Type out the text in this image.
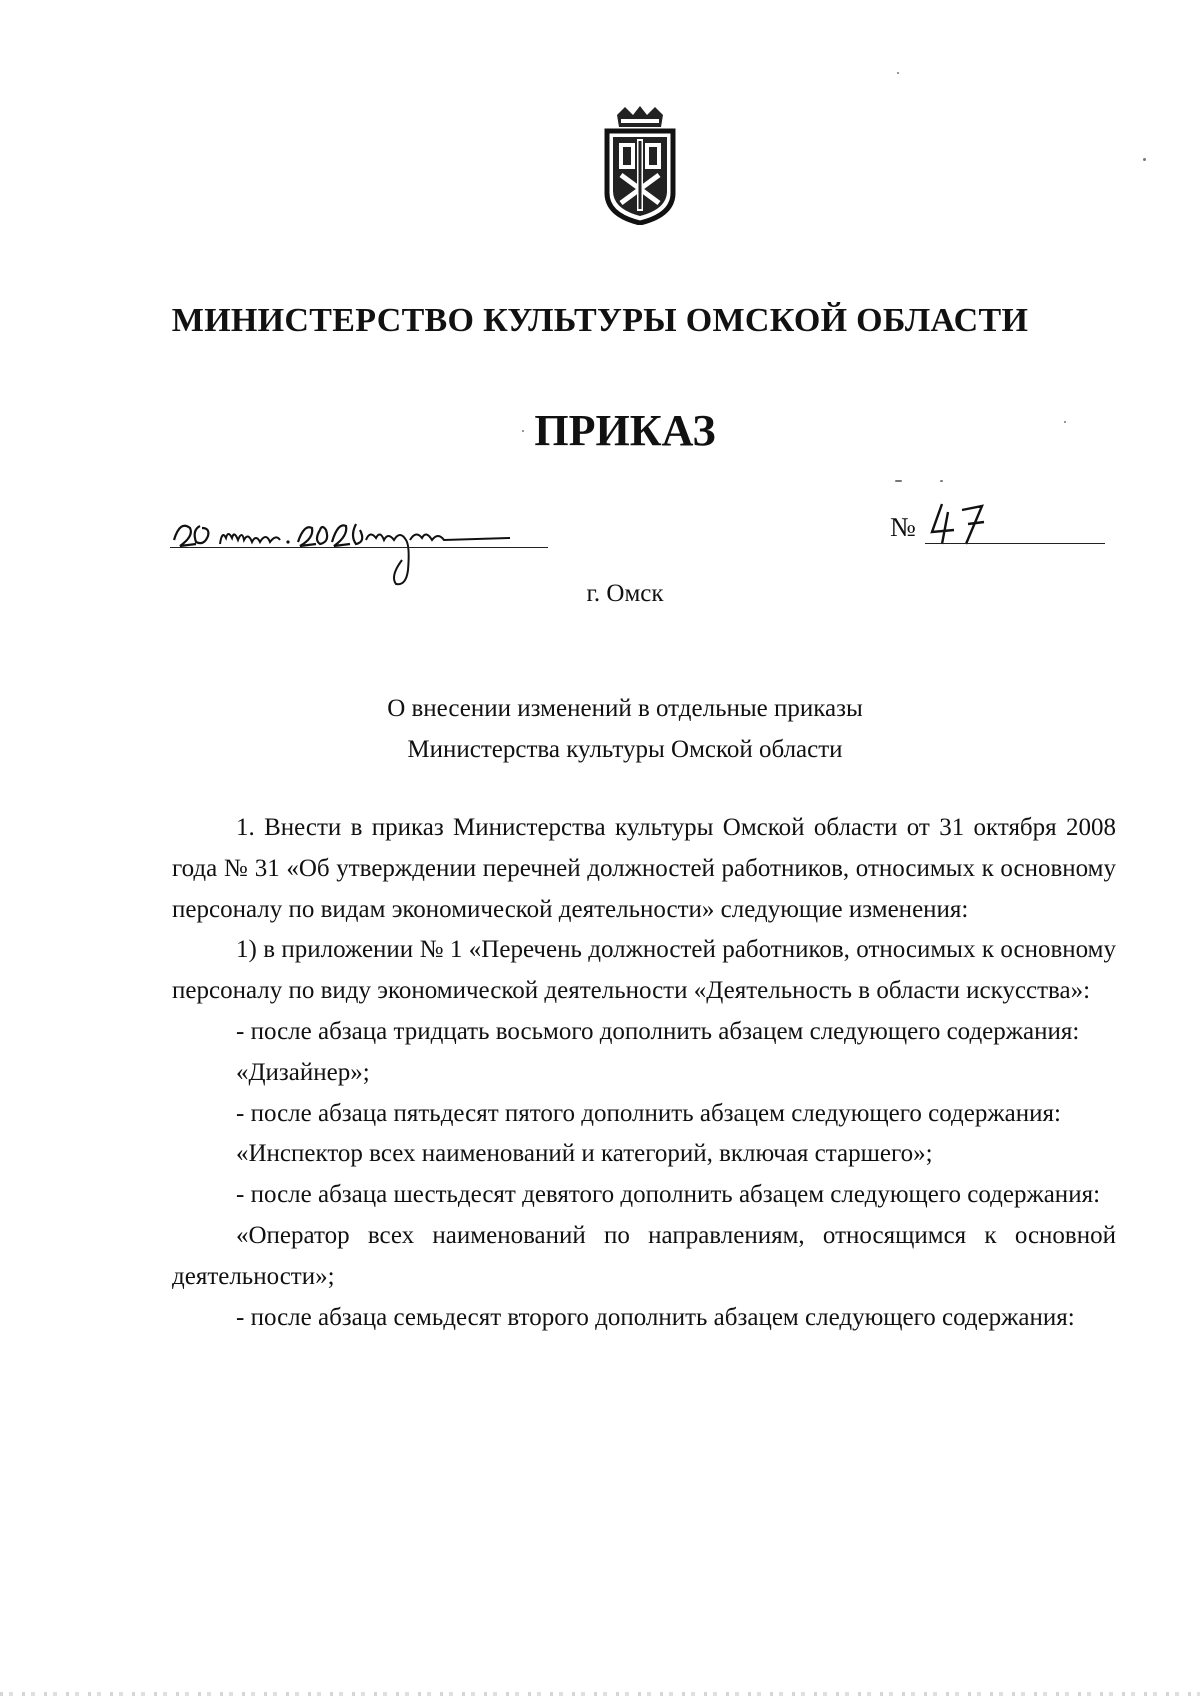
МИНИСТЕРСТВО КУЛЬТУРЫ ОМСКОЙ ОБЛАСТИ
ПРИКАЗ
№
г. Омск
О внесении изменений в отдельные приказы
Министерства культуры Омской области

1. Внести в приказ Министерства культуры Омской области от 31 октября 2008 года № 31 «Об утверждении перечней должностей работников, относимых к основному персоналу по видам экономической деятельности» следующие изменения:

1) в приложении № 1 «Перечень должностей работников, относимых к основному персоналу по виду экономической деятельности «Деятельность в области искусства»:

- после абзаца тридцать восьмого дополнить абзацем следующего содержания:

«Дизайнер»;

- после абзаца пятьдесят пятого дополнить абзацем следующего содержания:

«Инспектор всех наименований и категорий, включая старшего»;

- после абзаца шестьдесят девятого дополнить абзацем следующего содержания:

«Оператор всех наименований по направлениям, относящимся к основной деятельности»;

- после абзаца семьдесят второго дополнить абзацем следующего содержания:
